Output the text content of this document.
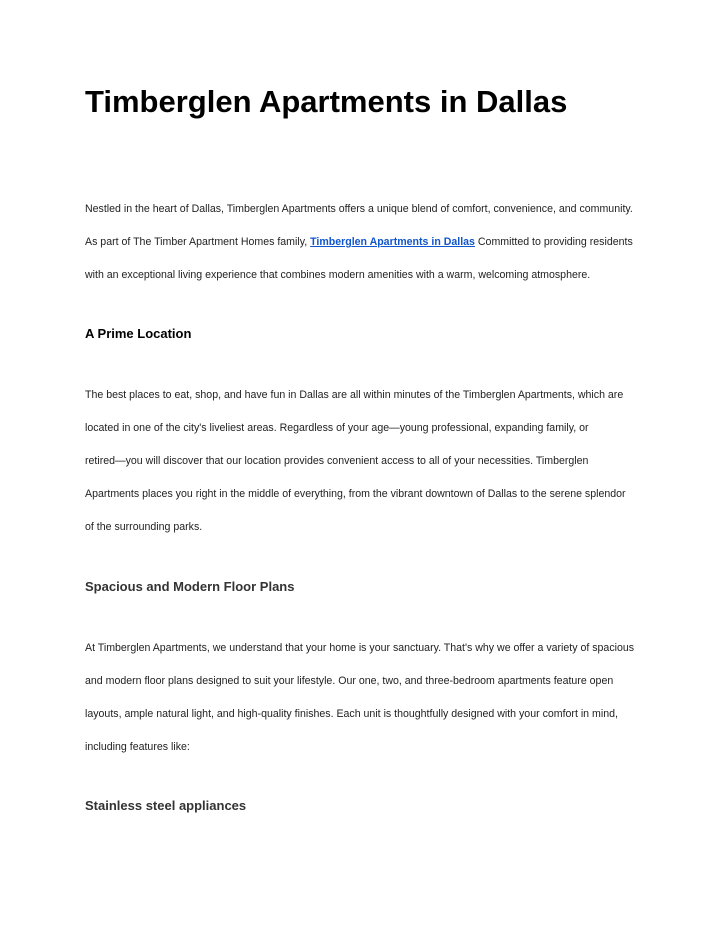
Timberglen Apartments in Dallas

Nestled in the heart of Dallas, Timberglen Apartments offers a unique blend of comfort, convenience, and community.
As part of The Timber Apartment Homes family, Timberglen Apartments in Dallas Committed to providing residents
with an exceptional living experience that combines modern amenities with a warm, welcoming atmosphere.

A Prime Location

The best places to eat, shop, and have fun in Dallas are all within minutes of the Timberglen Apartments, which are
located in one of the city's liveliest areas. Regardless of your age—young professional, expanding family, or
retired—you will discover that our location provides convenient access to all of your necessities. Timberglen
Apartments places you right in the middle of everything, from the vibrant downtown of Dallas to the serene splendor
of the surrounding parks.

Spacious and Modern Floor Plans

At Timberglen Apartments, we understand that your home is your sanctuary. That's why we offer a variety of spacious
and modern floor plans designed to suit your lifestyle. Our one, two, and three-bedroom apartments feature open
layouts, ample natural light, and high-quality finishes. Each unit is thoughtfully designed with your comfort in mind,
including features like:

Stainless steel appliances
